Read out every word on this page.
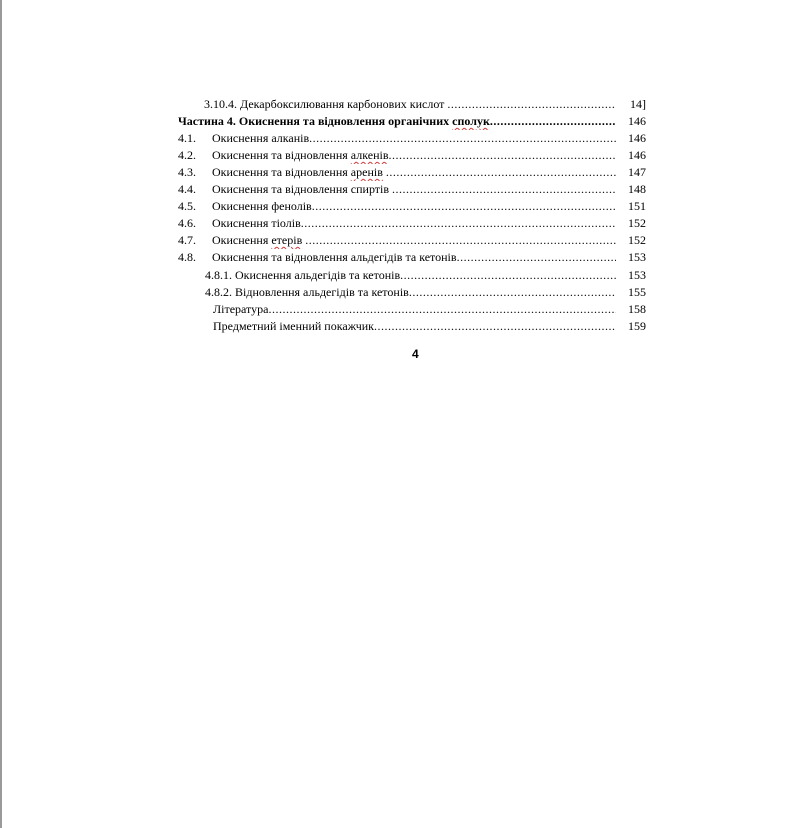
3.10.4. Декарбоксилювання карбонових кислот .....	14]
Частина 4. Окиснення та відновлення органічних сполук .....	146
4.1. Окиснення алканів .....	146
4.2. Окиснення та відновлення алкенів .....	146
4.3. Окиснення та відновлення аренів .....	147
4.4. Окиснення та відновлення спиртів .....	148
4.5. Окиснення фенолів .....	151
4.6. Окиснення тіолів .....	152
4.7. Окиснення етерів .....	152
4.8. Окиснення та відновлення альдегідів та кетонів .....	153
4.8.1. Окиснення альдегідів та кетонів .....	153
4.8.2. Відновлення альдегідів та кетонів .....	155
Література .....	158
Предметний іменний покажчик .....	159
4
